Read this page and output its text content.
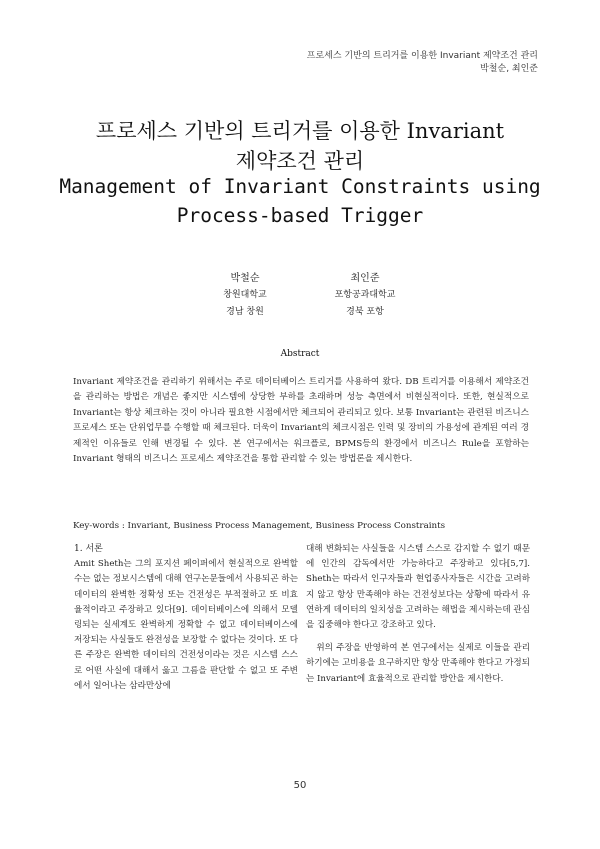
프로세스 기반의 트리거를 이용한 Invariant 제약조건 관리
박철순, 최인준
프로세스 기반의 트리거를 이용한 Invariant
제약조건 관리
Management of Invariant Constraints using
Process-based Trigger
박철순
창원대학교
경남 창원
최인준
포항공과대학교
경북 포항
Abstract
Invariant 제약조건을 관리하기 위해서는 주로 데이터베이스 트리거를 사용하여 왔다. DB 트리거를 이용해서 제약조건을 관리하는 방법은 개념은 좋지만 시스템에 상당한 부하를 초래하며 성능 측면에서 비현실적이다. 또한, 현실적으로 Invariant는 항상 체크하는 것이 아니라 필요한 시점에서만 체크되어 관리되고 있다. 보통 Invariant는 관련된 비즈니스 프로세스 또는 단위업무를 수행할 때 체크된다. 더욱이 Invariant의 체크시점은 인력 및 장비의 가용성에 관계된 여러 경제적인 이유들로 인해 변경될 수 있다. 본 연구에서는 워크플로, BPMS등의 환경에서 비즈니스 Rule을 포함하는 Invariant 형태의 비즈니스 프로세스 제약조건을 통합 관리할 수 있는 방법론을 제시한다.
Key-words : Invariant, Business Process Management, Business Process Constraints

1. 서론

Amit Sheth는 그의 포지션 페이퍼에서 현실적으로 완벽할 수는 없는 정보시스템에 대해 연구논문들에서 사용되곤 하는 데이터의 완벽한 정확성 또는 건전성은 부적절하고 또 비효율적이라고 주장하고 있다[9]. 데이터베이스에 의해서 모델링되는 실세계도 완벽하게 정확할 수 없고 데이터베이스에 저장되는 사실들도 완전성을 보장할 수 없다는 것이다. 또 다른 주장은 완벽한 데이터의 건전성이라는 것은 시스템 스스로 어떤 사실에 대해서 옳고 그름을 판단할 수 없고 또 주변에서 일어나는 삼라만상에

대해 변화되는 사실들을 시스템 스스로 감지할 수 없기 때문에 인간의 감독에서만 가능하다고 주장하고 있다[5,7]. Sheth는 따라서 인구자들과 현업종사자들은 시간을 고려하지 않고 항상 만족해야 하는 건전성보다는 상황에 따라서 유연하게 데이터의 일치성을 고려하는 해법을 제시하는데 관심을 집중해야 한다고 강조하고 있다.

위의 주장을 반영하여 본 연구에서는 실제로 이들을 관리하기에는 고비용을 요구하지만 항상 만족해야 한다고 가정되는 Invariant에 효율적으로 관리할 방안을 제시한다.

50
